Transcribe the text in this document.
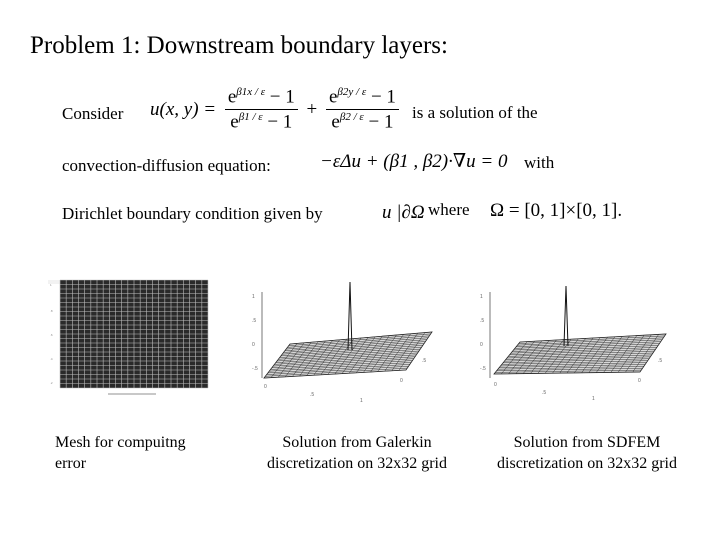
Problem 1: Downstream boundary layers:
Consider u(x, $y) = \frac{e^{\beta 1x / \varepsilon} - 1}{e^{\beta 1 / \varepsilon} - 1} + \frac{e^{\beta 2y / \varepsilon} - 1}{e^{\beta 2 / \varepsilon} - 1}$ is a solution of the
convection-diffusion equation:	−εΔu + (β1 , β2)·∇u = 0 with
Dirichlet boundary condition given by	u |∂Ω where Ω = [0, 1]×[0, 1].
1
.8
.6
.4
.2
1
.5
0
-.5
0
.5
1
0
.5
1
.5
0
-.5
0
.5
1
0
.5
Mesh for compuitng
error
Solution from Galerkin
discretization on 32x32 grid
Solution from SDFEM
discretization on 32x32 grid
